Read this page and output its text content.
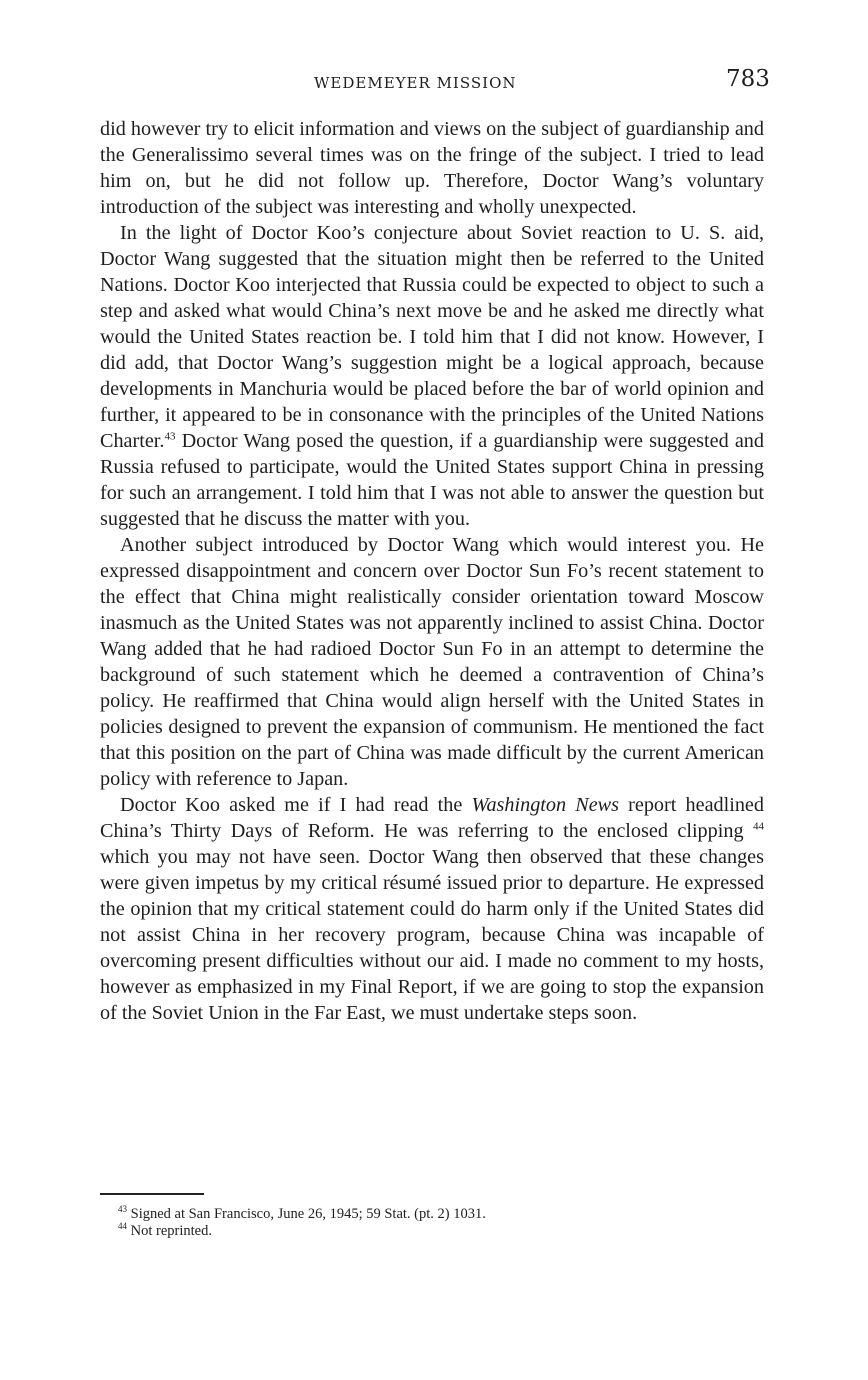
WEDEMEYER MISSION	783

did however try to elicit information and views on the subject of guardianship and the Generalissimo several times was on the fringe of the subject. I tried to lead him on, but he did not follow up. Therefore, Doctor Wang’s voluntary introduction of the subject was interesting and wholly unexpected.

In the light of Doctor Koo’s conjecture about Soviet reaction to U. S. aid, Doctor Wang suggested that the situation might then be referred to the United Nations. Doctor Koo interjected that Russia could be expected to object to such a step and asked what would China’s next move be and he asked me directly what would the United States reaction be. I told him that I did not know. However, I did add, that Doctor Wang’s suggestion might be a logical approach, because developments in Manchuria would be placed before the bar of world opinion and further, it appeared to be in consonance with the principles of the United Nations Charter.$^{43}$ Doctor Wang posed the question, if a guardianship were suggested and Russia refused to participate, would the United States support China in pressing for such an arrangement. I told him that I was not able to answer the question but suggested that he discuss the matter with you.

Another subject introduced by Doctor Wang which would interest you. He expressed disappointment and concern over Doctor Sun Fo’s recent statement to the effect that China might realistically consider orientation toward Moscow inasmuch as the United States was not apparently inclined to assist China. Doctor Wang added that he had radioed Doctor Sun Fo in an attempt to determine the background of such statement which he deemed a contravention of China’s policy. He reaffirmed that China would align herself with the United States in policies designed to prevent the expansion of communism. He mentioned the fact that this position on the part of China was made difficult by the current American policy with reference to Japan.

Doctor Koo asked me if I had read the Washington News report headlined China’s Thirty Days of Reform. He was referring to the enclosed clipping $^{44}$ which you may not have seen. Doctor Wang then observed that these changes were given impetus by my critical résumé issued prior to departure. He expressed the opinion that my critical statement could do harm only if the United States did not assist China in her recovery program, because China was incapable of overcoming present difficulties without our aid. I made no comment to my hosts, however as emphasized in my Final Report, if we are going to stop the expansion of the Soviet Union in the Far East, we must undertake steps soon.

$^{43}$ Signed at San Francisco, June 26, 1945; 59 Stat. (pt. 2) 1031.
$^{44}$ Not reprinted.
